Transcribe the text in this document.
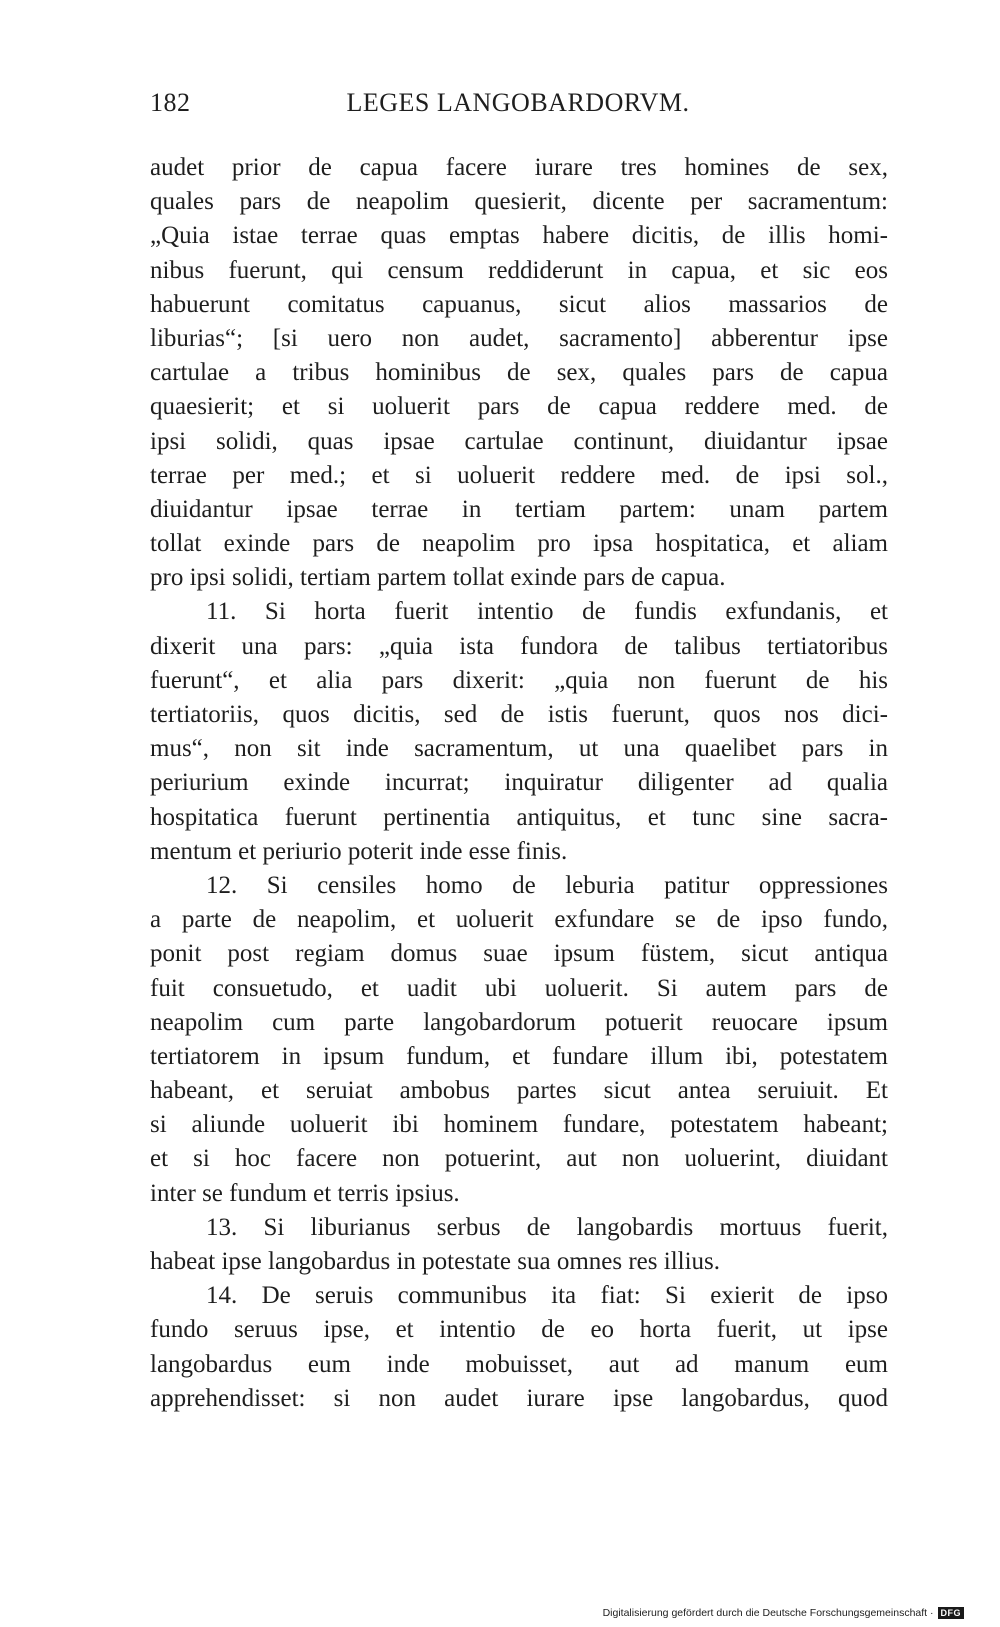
182	LEGES LANGOBARDORVM.
audet prior de capua facere iurare tres homines de sex,
quales pars de neapolim quesierit, dicente per sacramentum:
„Quia istae terrae quas emptas habere dicitis, de illis homi-
nibus fuerunt, qui censum reddiderunt in capua, et sic eos
habuerunt comitatus capuanus, sicut alios massarios de
liburias“; [si uero non audet, sacramento] abberentur ipse
cartulae a tribus hominibus de sex, quales pars de capua
quaesierit; et si uoluerit pars de capua reddere med. de
ipsi solidi, quas ipsae cartulae continunt, diuidantur ipsae
terrae per med.; et si uoluerit reddere med. de ipsi sol.,
diuidantur ipsae terrae in tertiam partem: unam partem
tollat exinde pars de neapolim pro ipsa hospitatica, et aliam
pro ipsi solidi, tertiam partem tollat exinde pars de capua.
11. Si horta fuerit intentio de fundis exfundanis, et
dixerit una pars: „quia ista fundora de talibus tertiatoribus
fuerunt“, et alia pars dixerit: „quia non fuerunt de his
tertiatoriis, quos dicitis, sed de istis fuerunt, quos nos dici-
mus“, non sit inde sacramentum, ut una quaelibet pars in
periurium exinde incurrat; inquiratur diligenter ad qualia
hospitatica fuerunt pertinentia antiquitus, et tunc sine sacra-
mentum et periurio poterit inde esse finis.
12. Si censiles homo de leburia patitur oppressiones
a parte de neapolim, et uoluerit exfundare se de ipso fundo,
ponit post regiam domus suae ipsum füstem, sicut antiqua
fuit consuetudo, et uadit ubi uoluerit. Si autem pars de
neapolim cum parte langobardorum potuerit reuocare ipsum
tertiatorem in ipsum fundum, et fundare illum ibi, potestatem
habeant, et seruiat ambobus partes sicut antea seruiuit. Et
si aliunde uoluerit ibi hominem fundare, potestatem habeant;
et si hoc facere non potuerint, aut non uoluerint, diuidant
inter se fundum et terris ipsius.
13. Si liburianus serbus de langobardis mortuus fuerit,
habeat ipse langobardus in potestate sua omnes res illius.
14. De seruis communibus ita fiat: Si exierit de ipso
fundo seruus ipse, et intentio de eo horta fuerit, ut ipse
langobardus eum inde mobuisset, aut ad manum eum
apprehendisset: si non audet iurare ipse langobardus, quod
Digitalisierung gefördert durch die Deutsche Forschungsgemeinschaft · DFG
